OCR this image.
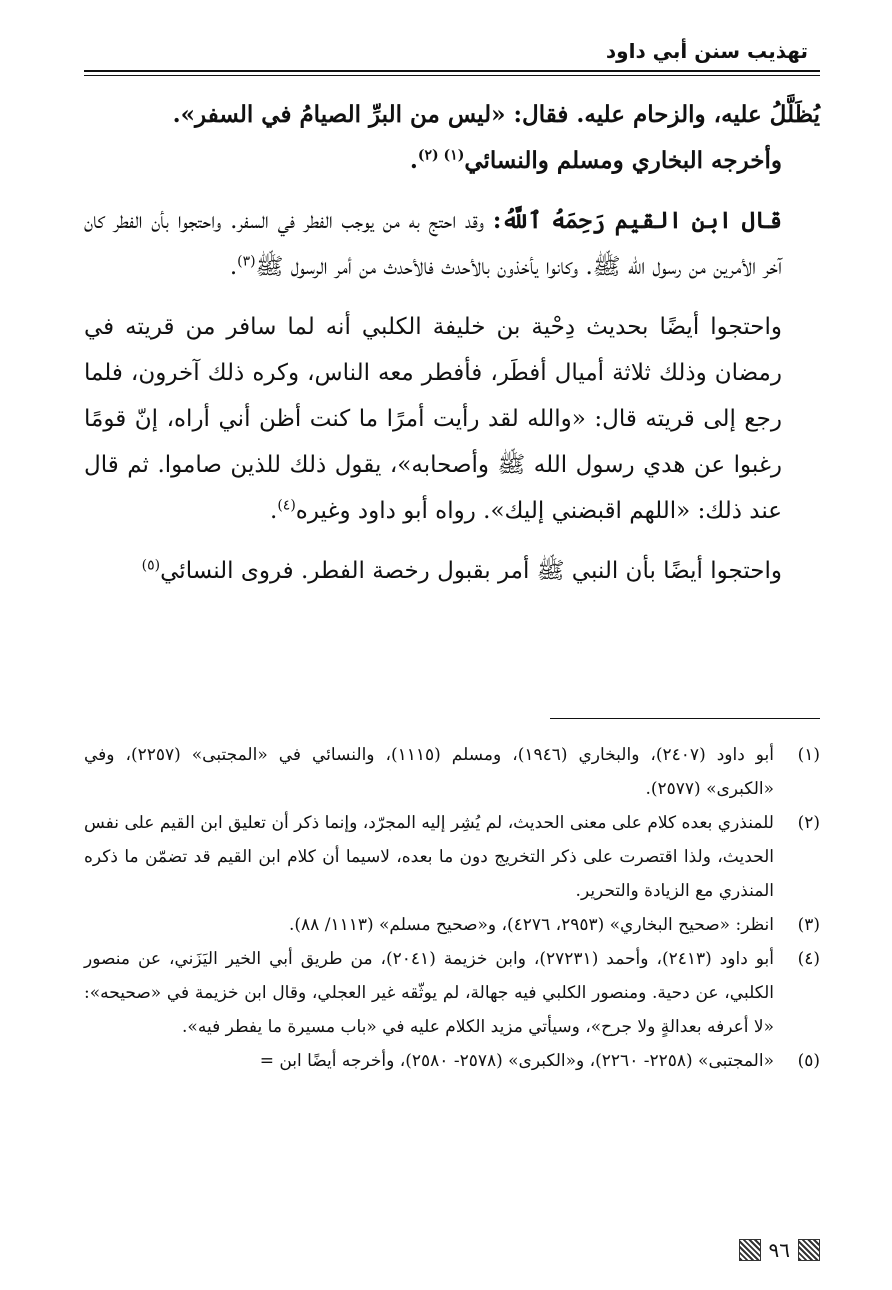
تهذيب سنن أبي داود

يُظَلَّلُ عليه، والزحام عليه. فقال: «ليس من البرِّ الصيامُ في السفر».

وأخرجه البخاري ومسلم والنسائي$^{(١) (٢)}$.

قال ابن القيم رَحِمَهُ ٱللَّهُ: وقد احتج به من يوجب الفطر في السفر. واحتجوا بأن الفطر كان آخر الأمرين من رسول الله ﷺ. وكانوا يأخذون بالأحدث فالأحدث من أمر الرسول ﷺ$^{(٣)}$.

واحتجوا أيضًا بحديث دِحْية بن خليفة الكلبي أنه لما سافر من قريته في رمضان وذلك ثلاثة أميال أفطَر، فأفطر معه الناس، وكره ذلك آخرون، فلما رجع إلى قريته قال: «والله لقد رأيت أمرًا ما كنت أظن أني أراه، إنّ قومًا رغبوا عن هدي رسول الله ﷺ وأصحابه»، يقول ذلك للذين صاموا. ثم قال عند ذلك: «اللهم اقبضني إليك». رواه أبو داود وغيره$^{(٤)}$.

واحتجوا أيضًا بأن النبي ﷺ أمر بقبول رخصة الفطر. فروى النسائي$^{(٥)}$

(١)
أبو داود (٢٤٠٧)، والبخاري (١٩٤٦)، ومسلم (١١١٥)، والنسائي في «المجتبى» (٢٢٥٧)، وفي «الكبرى» (٢٥٧٧).
(٢)
للمنذري بعده كلام على معنى الحديث، لم يُشِر إليه المجرّد، وإنما ذكر أن تعليق ابن القيم على نفس الحديث، ولذا اقتصرت على ذكر التخريج دون ما بعده، لاسيما أن كلام ابن القيم قد تضمّن ما ذكره المنذري مع الزيادة والتحرير.
(٣)
انظر: «صحيح البخاري» (٢٩٥٣، ٤٢٧٦)، و«صحيح مسلم» (١١١٣/ ٨٨).
(٤)
أبو داود (٢٤١٣)، وأحمد (٢٧٢٣١)، وابن خزيمة (٢٠٤١)، من طريق أبي الخير اليَزَني، عن منصور الكلبي، عن دحية. ومنصور الكلبي فيه جهالة، لم يوثّقه غير العجلي، وقال ابن خزيمة في «صحيحه»: «لا أعرفه بعدالةٍ ولا جرح»، وسيأتي مزيد الكلام عليه في «باب مسيرة ما يفطر فيه».
(٥)
«المجتبى» (٢٢٥٨- ٢٢٦٠)، و«الكبرى» (٢٥٧٨- ٢٥٨٠)، وأخرجه أيضًا ابن =
٩٦
